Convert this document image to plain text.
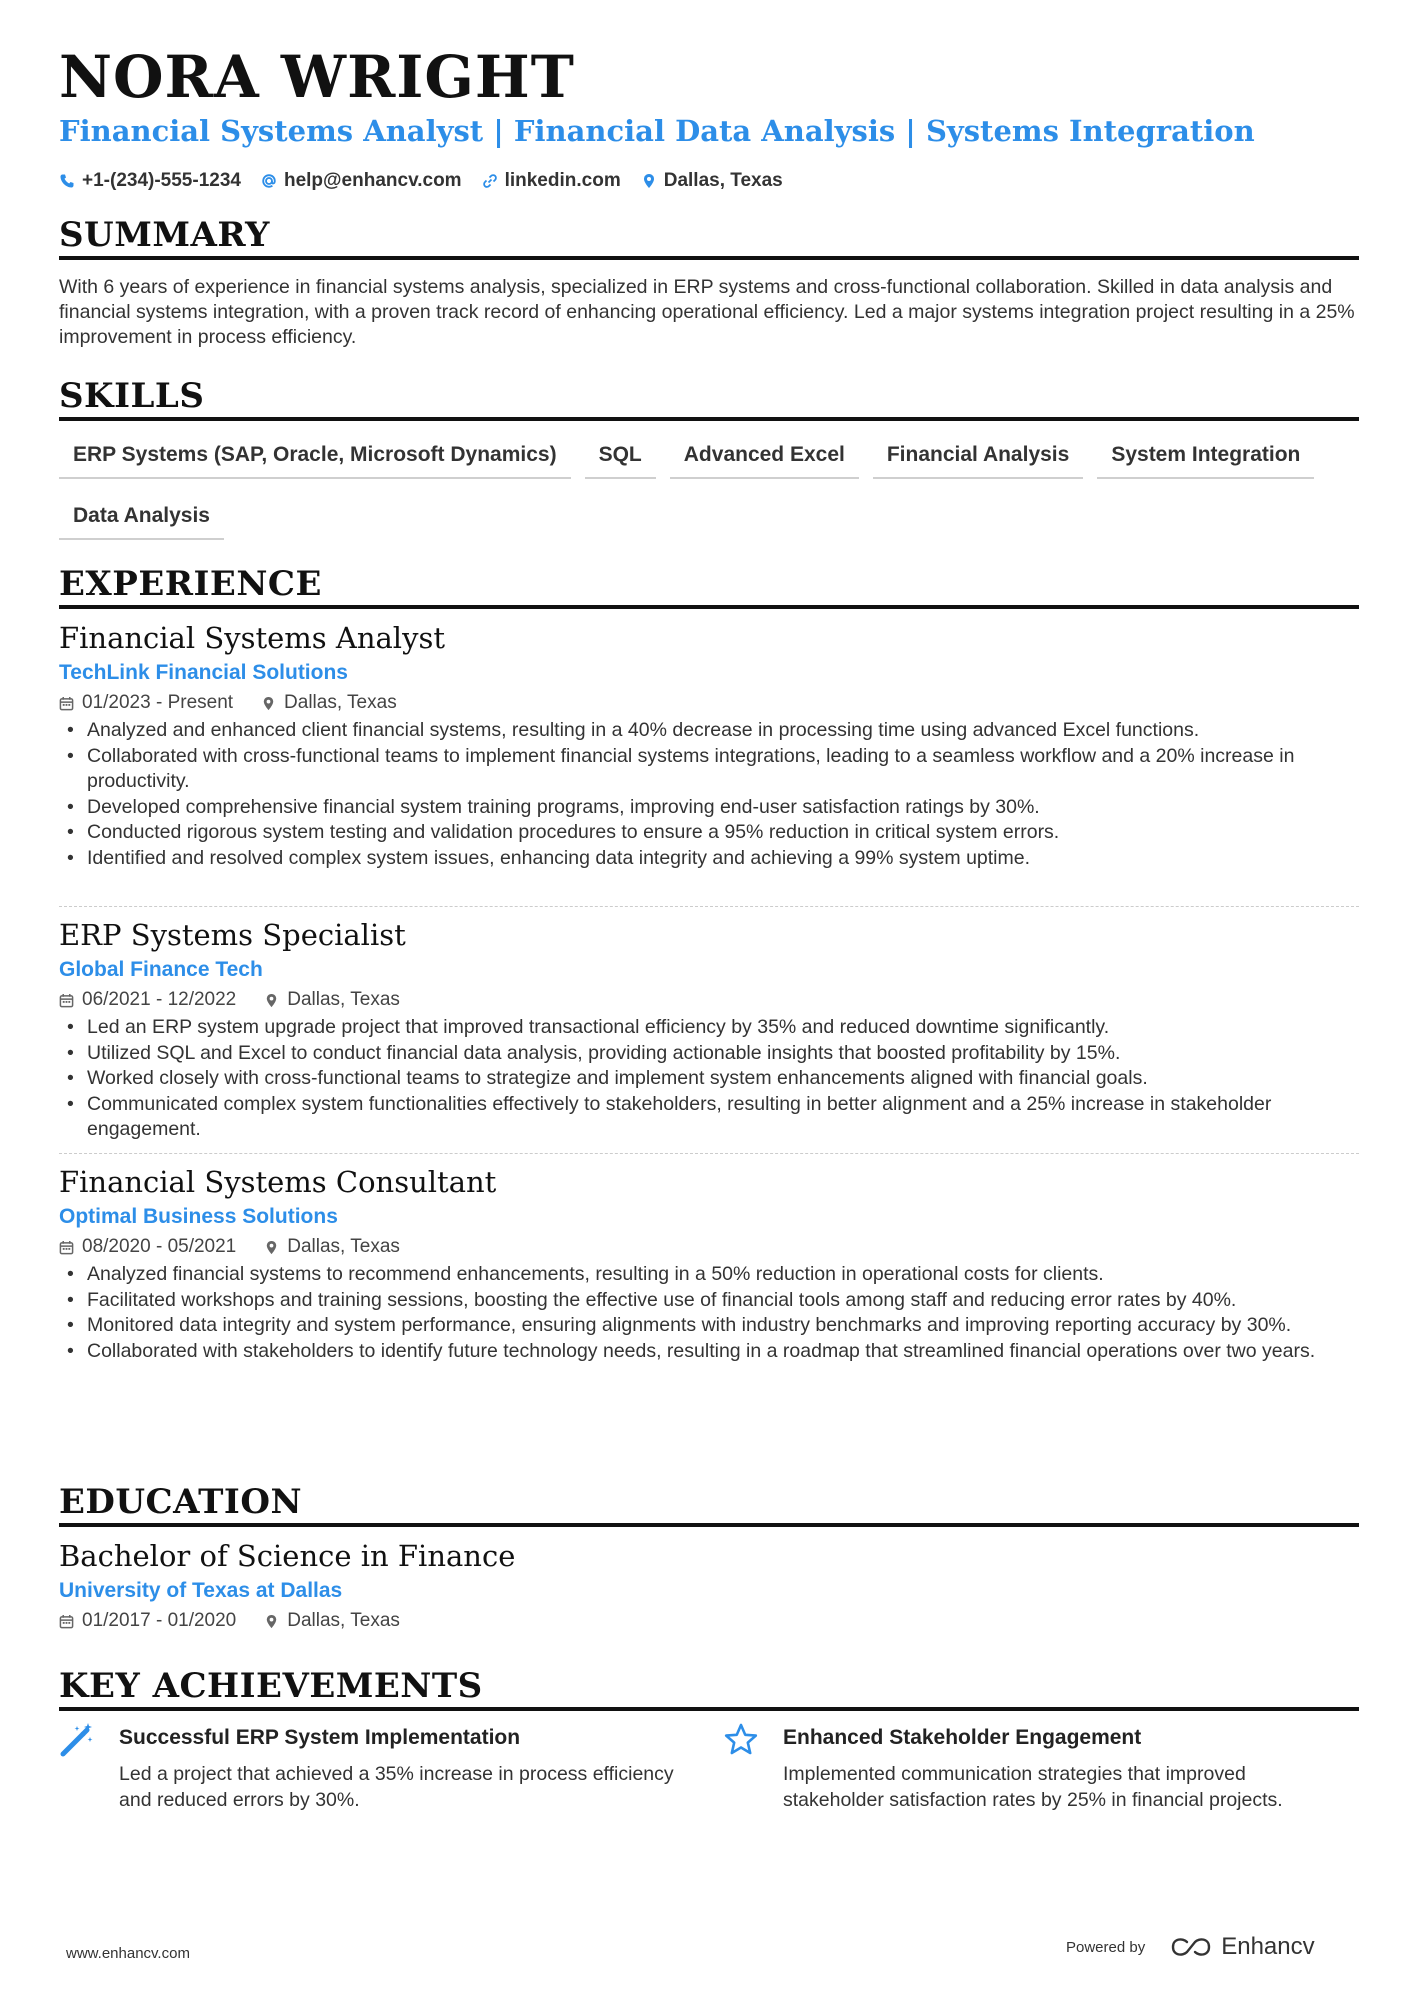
NORA WRIGHT
Financial Systems Analyst | Financial Data Analysis | Systems Integration
+1-(234)-555-1234 help@enhancv.com linkedin.com Dallas, Texas
SUMMARY
With 6 years of experience in financial systems analysis, specialized in ERP systems and cross-functional collaboration. Skilled in data analysis and financial systems integration, with a proven track record of enhancing operational efficiency. Led a major systems integration project resulting in a 25% improvement in process efficiency.
SKILLS
ERP Systems (SAP, Oracle, Microsoft Dynamics)	SQL	Advanced Excel	Financial Analysis	System Integration
Data Analysis
EXPERIENCE
Financial Systems Analyst
TechLink Financial Solutions
01/2023 - Present	Dallas, Texas
• Analyzed and enhanced client financial systems, resulting in a 40% decrease in processing time using advanced Excel functions.
• Collaborated with cross-functional teams to implement financial systems integrations, leading to a seamless workflow and a 20% increase in productivity.
• Developed comprehensive financial system training programs, improving end-user satisfaction ratings by 30%.
• Conducted rigorous system testing and validation procedures to ensure a 95% reduction in critical system errors.
• Identified and resolved complex system issues, enhancing data integrity and achieving a 99% system uptime.
ERP Systems Specialist
Global Finance Tech
06/2021 - 12/2022	Dallas, Texas
• Led an ERP system upgrade project that improved transactional efficiency by 35% and reduced downtime significantly.
• Utilized SQL and Excel to conduct financial data analysis, providing actionable insights that boosted profitability by 15%.
• Worked closely with cross-functional teams to strategize and implement system enhancements aligned with financial goals.
• Communicated complex system functionalities effectively to stakeholders, resulting in better alignment and a 25% increase in stakeholder engagement.
Financial Systems Consultant
Optimal Business Solutions
08/2020 - 05/2021	Dallas, Texas
• Analyzed financial systems to recommend enhancements, resulting in a 50% reduction in operational costs for clients.
• Facilitated workshops and training sessions, boosting the effective use of financial tools among staff and reducing error rates by 40%.
• Monitored data integrity and system performance, ensuring alignments with industry benchmarks and improving reporting accuracy by 30%.
• Collaborated with stakeholders to identify future technology needs, resulting in a roadmap that streamlined financial operations over two years.
EDUCATION
Bachelor of Science in Finance
University of Texas at Dallas
01/2017 - 01/2020	Dallas, Texas
KEY ACHIEVEMENTS
Successful ERP System Implementation
Led a project that achieved a 35% increase in process efficiency and reduced errors by 30%.
Enhanced Stakeholder Engagement
Implemented communication strategies that improved stakeholder satisfaction rates by 25% in financial projects.
www.enhancv.com	Powered by	Enhancv
